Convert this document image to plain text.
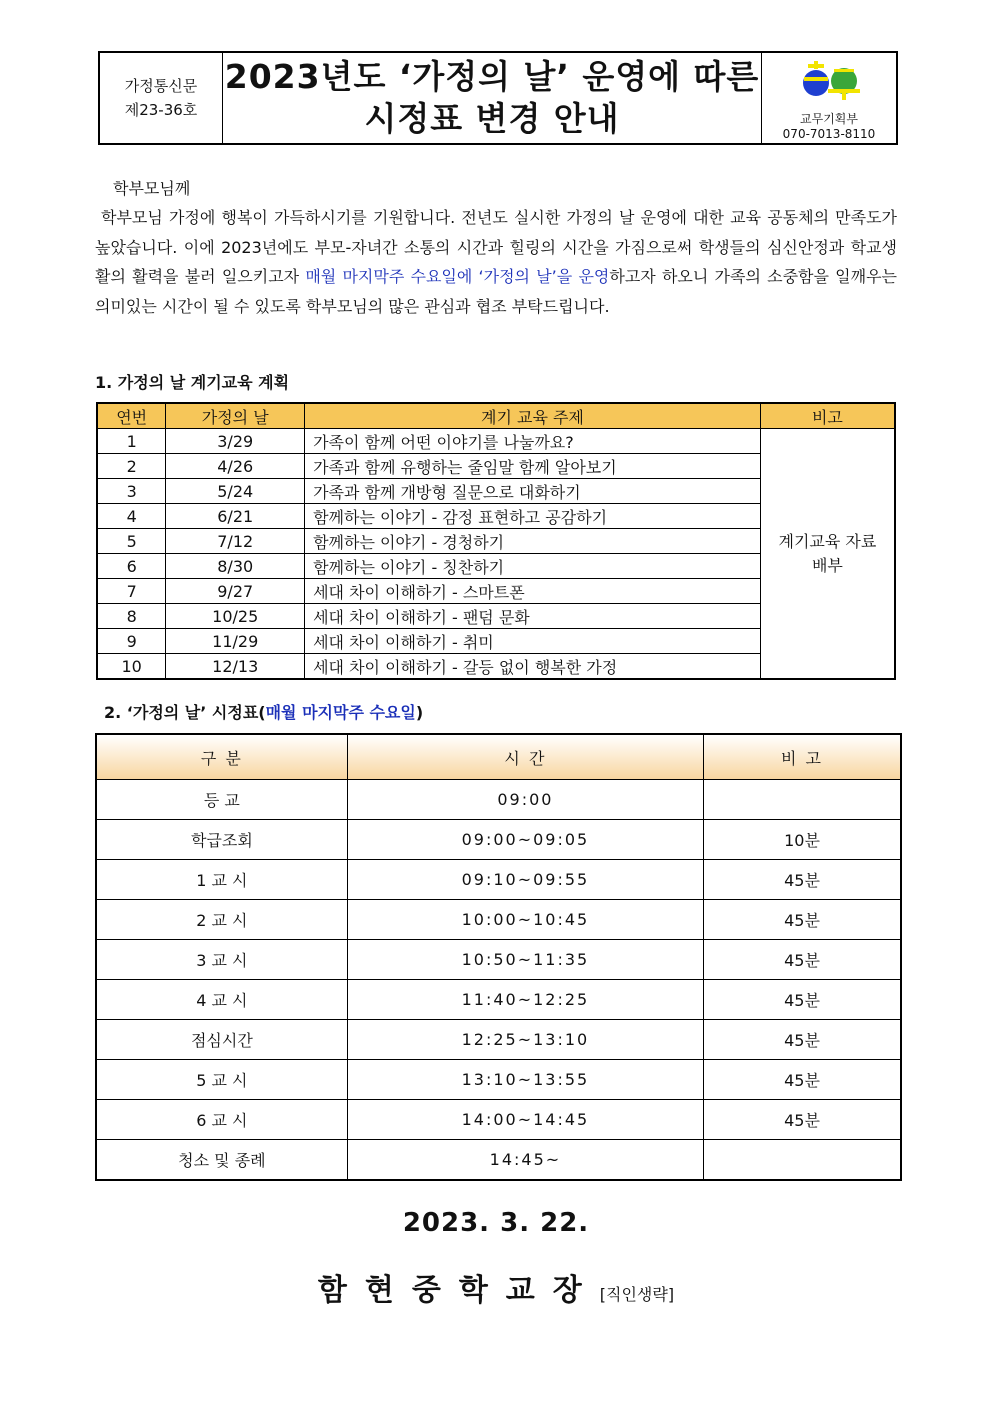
가정통신문
제23-36호
2023년도 ‘가정의 날’ 운영에 따른
시정표 변경 안내	교무기획부
070-7013-8110
학부모님께
학부모님 가정에 행복이 가득하시기를 기원합니다. 전년도 실시한 가정의 날 운영에 대한 교육 공동체의 만족도가 높았습니다. 이에 2023년에도 부모-자녀간 소통의 시간과 힐링의 시간을 가짐으로써 학생들의 심신안정과 학교생활의 활력을 불러 일으키고자 매월 마지막주 수요일에 ‘가정의 날’을 운영하고자 하오니 가족의 소중함을 일깨우는 의미있는 시간이 될 수 있도록 학부모님의 많은 관심과 협조 부탁드립니다.
1. 가정의 날 계기교육 계획
연번	가정의 날	계기 교육 주제	비고
1	3/29	가족이 함께 어떤 이야기를 나눌까요?	계기교육 자료
배부

2	4/26	가족과 함께 유행하는 줄임말 함께 알아보기	
3	5/24	가족과 함께 개방형 질문으로 대화하기	
4	6/21	함께하는 이야기 - 감정 표현하고 공감하기	
5	7/12	함께하는 이야기 - 경청하기	
6	8/30	함께하는 이야기 - 칭찬하기	
7	9/27	세대 차이 이해하기 - 스마트폰	
8	10/25	세대 차이 이해하기 - 팬덤 문화	
9	11/29	세대 차이 이해하기 - 취미	
10	12/13	세대 차이 이해하기 - 갈등 없이 행복한 가정	
2. ‘가정의 날’ 시정표(매월 마지막주 수요일)
구 분	시 간	비 고
등 교	09:00	
학급조회	09:00~09:05	10분
1 교 시	09:10~09:55	45분
2 교 시	10:00~10:45	45분
3 교 시	10:50~11:35	45분
4 교 시	11:40~12:25	45분
점심시간	12:25~13:10	45분
5 교 시	13:10~13:55	45분
6 교 시	14:00~14:45	45분
청소 및 종례	14:45~	
2023. 3. 22.
함현중학교장[직인생략]
